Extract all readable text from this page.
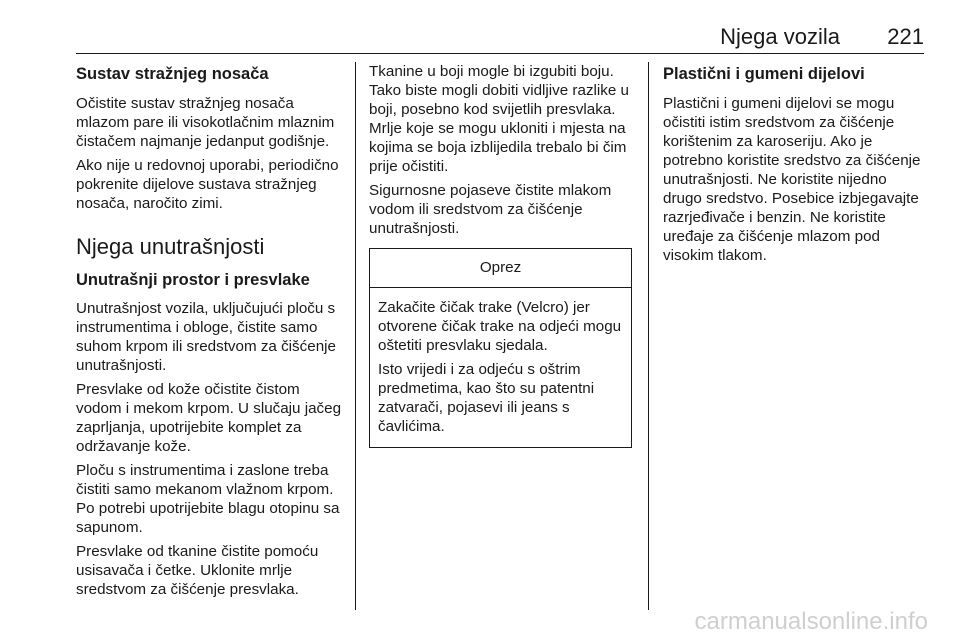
Njega vozila 221
Sustav stražnjeg nosača

Očistite sustav stražnjeg nosača mlazom pare ili visokotlačnim mlaznim čistačem najmanje jedanput godišnje.

Ako nije u redovnoj uporabi, periodično pokrenite dijelove sustava stražnjeg nosača, naročito zimi.

Njega unutrašnjosti
Unutrašnji prostor i presvlake

Unutrašnjost vozila, uključujući ploču s instrumentima i obloge, čistite samo suhom krpom ili sredstvom za čišćenje unutrašnjosti.

Presvlake od kože očistite čistom vodom i mekom krpom. U slučaju jačeg zaprljanja, upotrijebite komplet za održavanje kože.

Ploču s instrumentima i zaslone treba čistiti samo mekanom vlažnom krpom. Po potrebi upotrijebite blagu otopinu sa sapunom.

Presvlake od tkanine čistite pomoću usisavača i četke. Uklonite mrlje sredstvom za čišćenje presvlaka.

Tkanine u boji mogle bi izgubiti boju. Tako biste mogli dobiti vidljive razlike u boji, posebno kod svijetlih presvlaka. Mrlje koje se mogu ukloniti i mjesta na kojima se boja izblijedila trebalo bi čim prije očistiti.

Sigurnosne pojaseve čistite mlakom vodom ili sredstvom za čišćenje unutrašnjosti.

Oprez

Zakačite čičak trake (Velcro) jer otvorene čičak trake na odjeći mogu oštetiti presvlaku sjedala.

Isto vrijedi i za odjeću s oštrim predmetima, kao što su patentni zatvarači, pojasevi ili jeans s čavlićima.

Plastični i gumeni dijelovi

Plastični i gumeni dijelovi se mogu očistiti istim sredstvom za čišćenje korištenim za karoseriju. Ako je potrebno koristite sredstvo za čišćenje unutrašnjosti. Ne koristite nijedno drugo sredstvo. Posebice izbjegavajte razrjeđivače i benzin. Ne koristite uređaje za čišćenje mlazom pod visokim tlakom.

carmanualsonline.info
